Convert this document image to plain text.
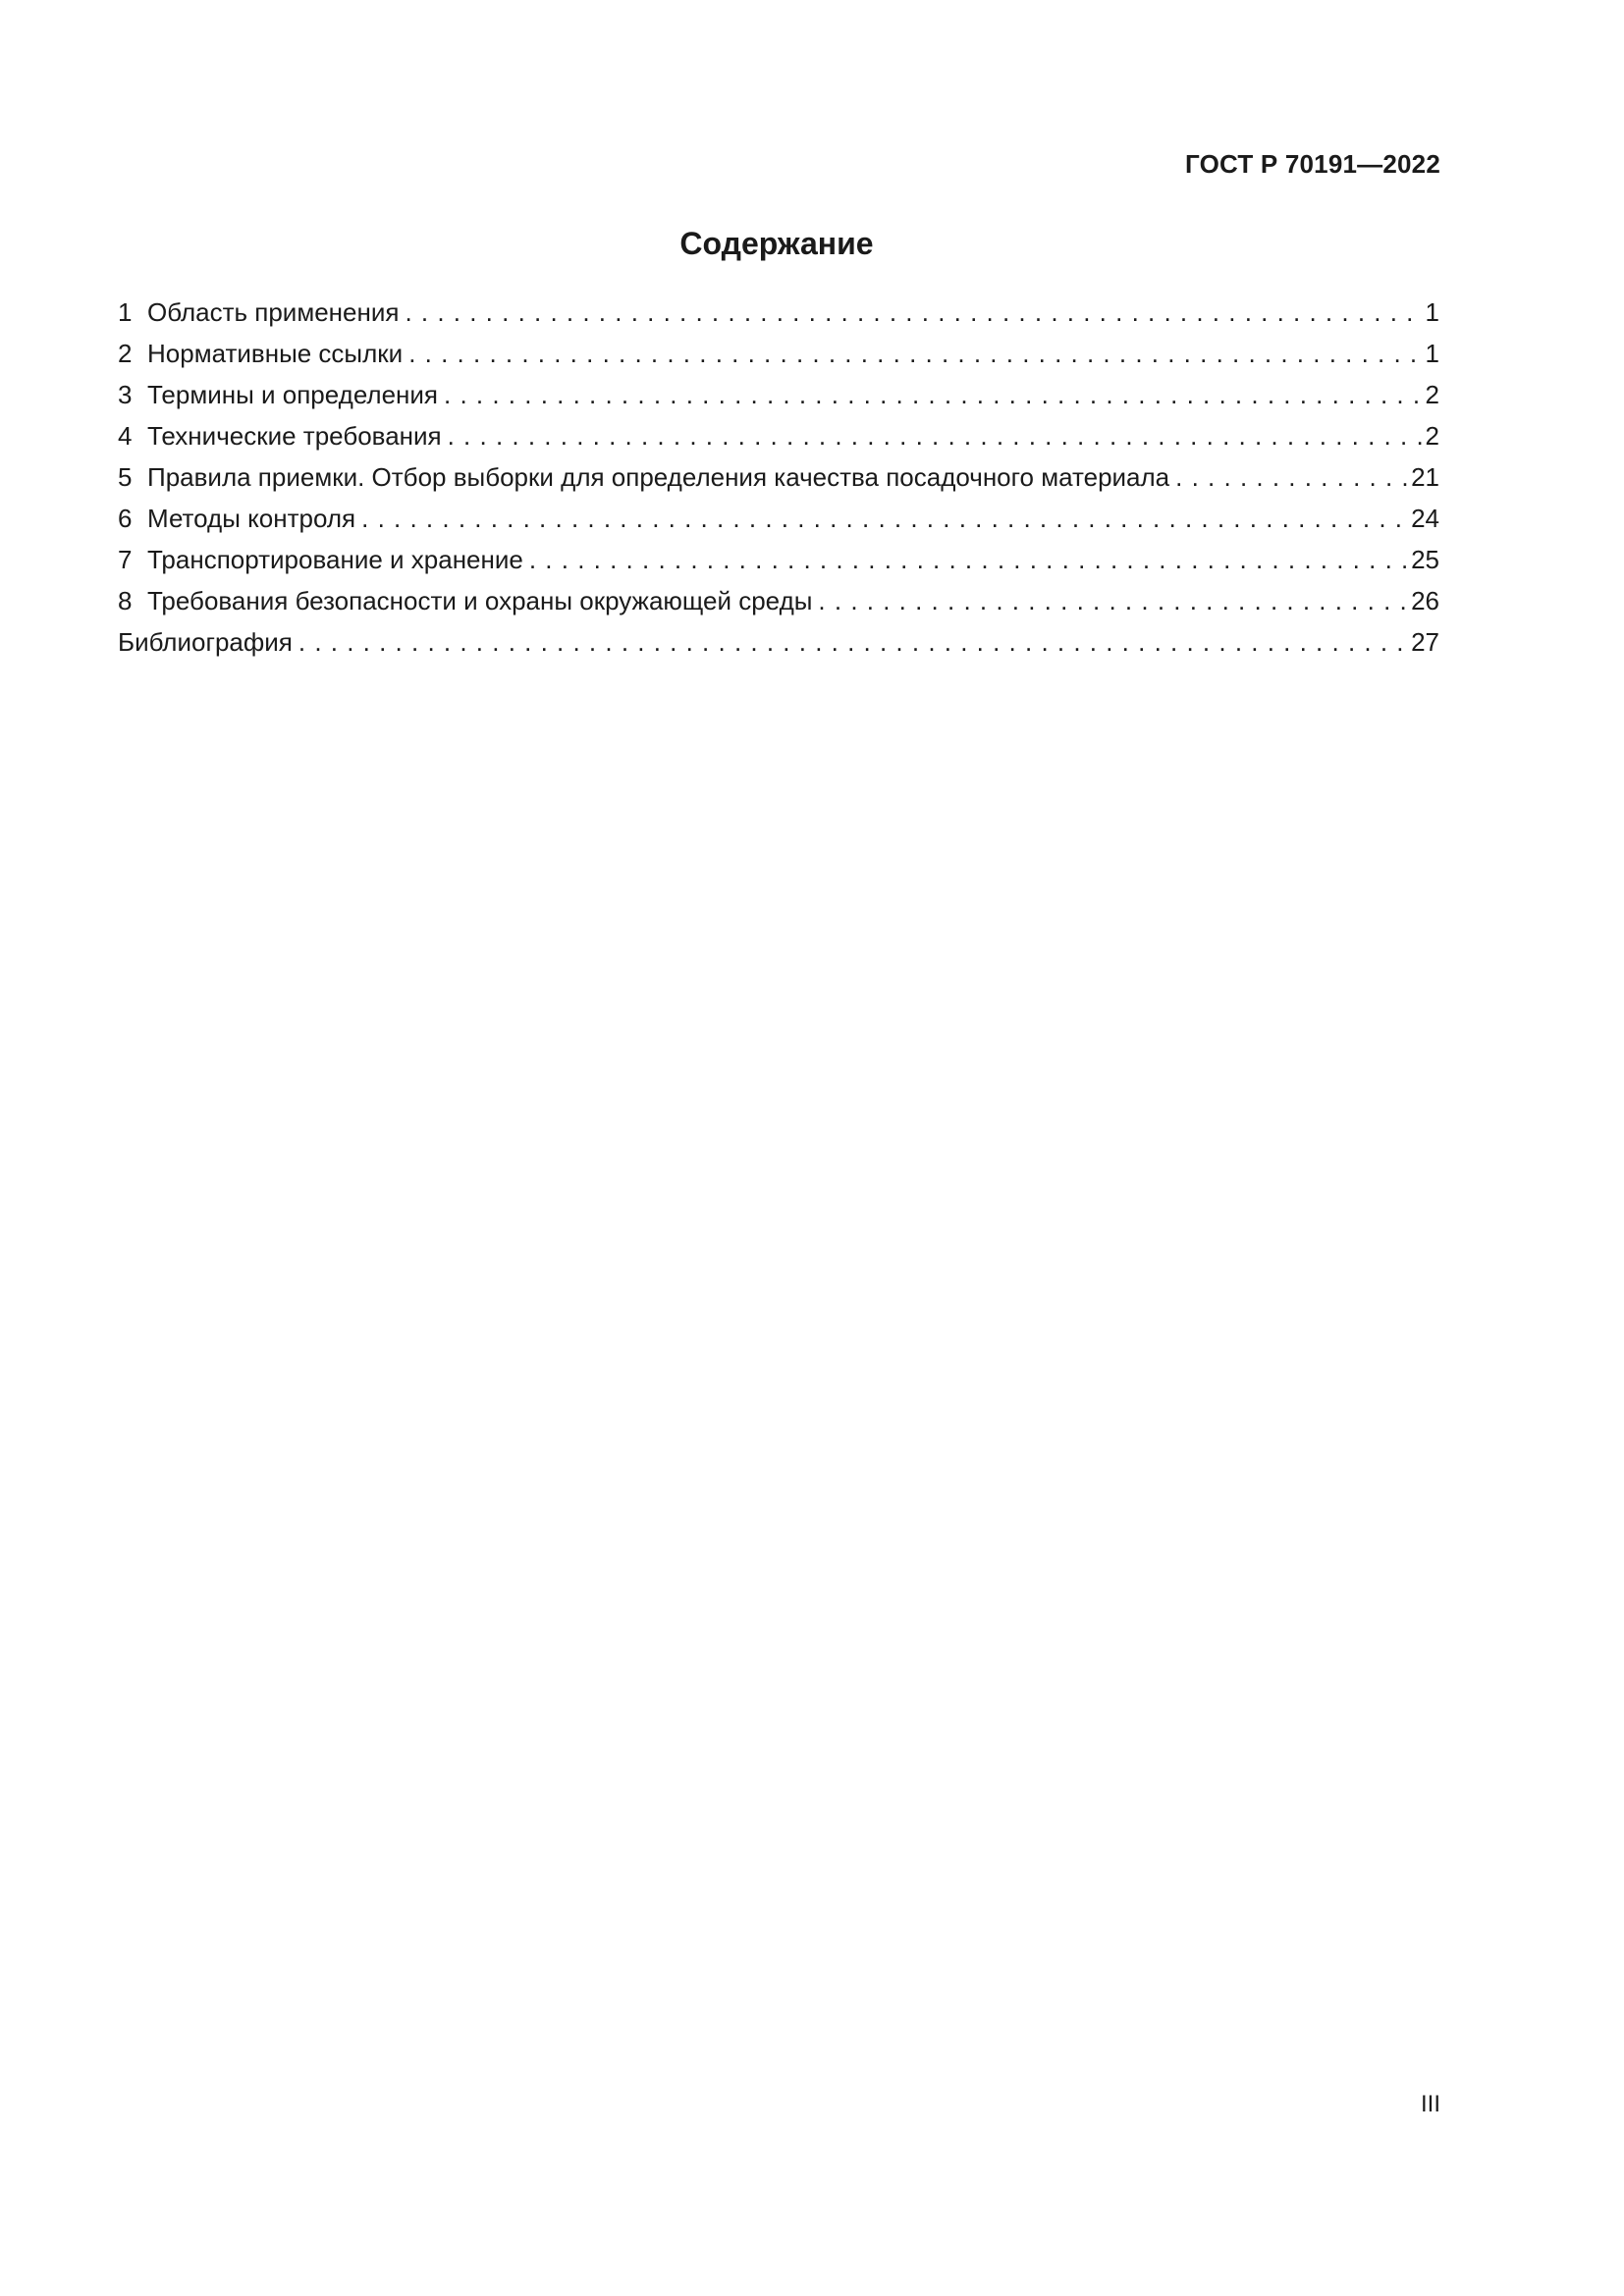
ГОСТ Р 70191—2022
Содержание
1 Область применения . . .	1
2 Нормативные ссылки . . .	1
3 Термины и определения . . .	2
4 Технические требования . . .	2
5 Правила приемки. Отбор выборки для определения качества посадочного материала . . .	21
6 Методы контроля . . .	24
7 Транспортирование и хранение . . .	25
8 Требования безопасности и охраны окружающей среды . . .	26
Библиография . . .	27
III
